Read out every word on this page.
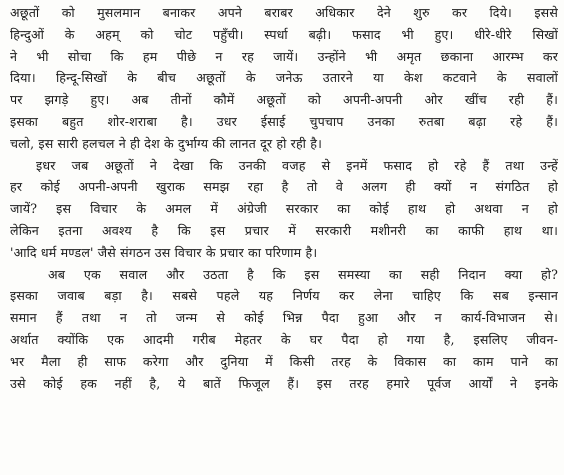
अछूतों को मुसलमान बनाकर अपने बराबर अधिकार देने शुरु कर दिये। इससे
हिन्दुओं के अहम् को चोट पहुँची। स्पर्धा बढ़ी। फसाद भी हुए। धीरे-धीरे सिखों
ने भी सोचा कि हम पीछे न रह जायें। उन्होंने भी अमृत छकाना आरम्भ कर
दिया। हिन्दू-सिखों के बीच अछूतों के जनेऊ उतारने या केश कटवाने के सवालों
पर झगड़े हुए। अब तीनों कौमें अछूतों को अपनी-अपनी ओर खींच रही हैं।
इसका बहुत शोर-शराबा है। उधर ईसाई चुपचाप उनका रुतबा बढ़ा रहे हैं।
चलो, इस सारी हलचल ने ही देश के दुर्भाग्य की लानत दूर हो रही है।
इधर जब अछूतों ने देखा कि उनकी वजह से इनमें फसाद हो रहे हैं तथा उन्हें
हर कोई अपनी-अपनी खुराक समझ रहा है तो वे अलग ही क्यों न संगठित हो
जायें? इस विचार के अमल में अंग्रेजी सरकार का कोई हाथ हो अथवा न हो
लेकिन इतना अवश्य है कि इस प्रचार में सरकारी मशीनरी का काफी हाथ था।
'आदि धर्म मण्डल' जैसे संगठन उस विचार के प्रचार का परिणाम है।
अब एक सवाल और उठता है कि इस समस्या का सही निदान क्या हो?
इसका जवाब बड़ा है। सबसे पहले यह निर्णय कर लेना चाहिए कि सब इन्सान
समान हैं तथा न तो जन्म से कोई भिन्न पैदा हुआ और न कार्य-विभाजन से।
अर्थात क्योंकि एक आदमी गरीब मेहतर के घर पैदा हो गया है, इसलिए जीवन-
भर मैला ही साफ करेगा और दुनिया में किसी तरह के विकास का काम पाने का
उसे कोई हक नहीं है, ये बातें फिजूल हैं। इस तरह हमारे पूर्वज आर्यों ने इनके
